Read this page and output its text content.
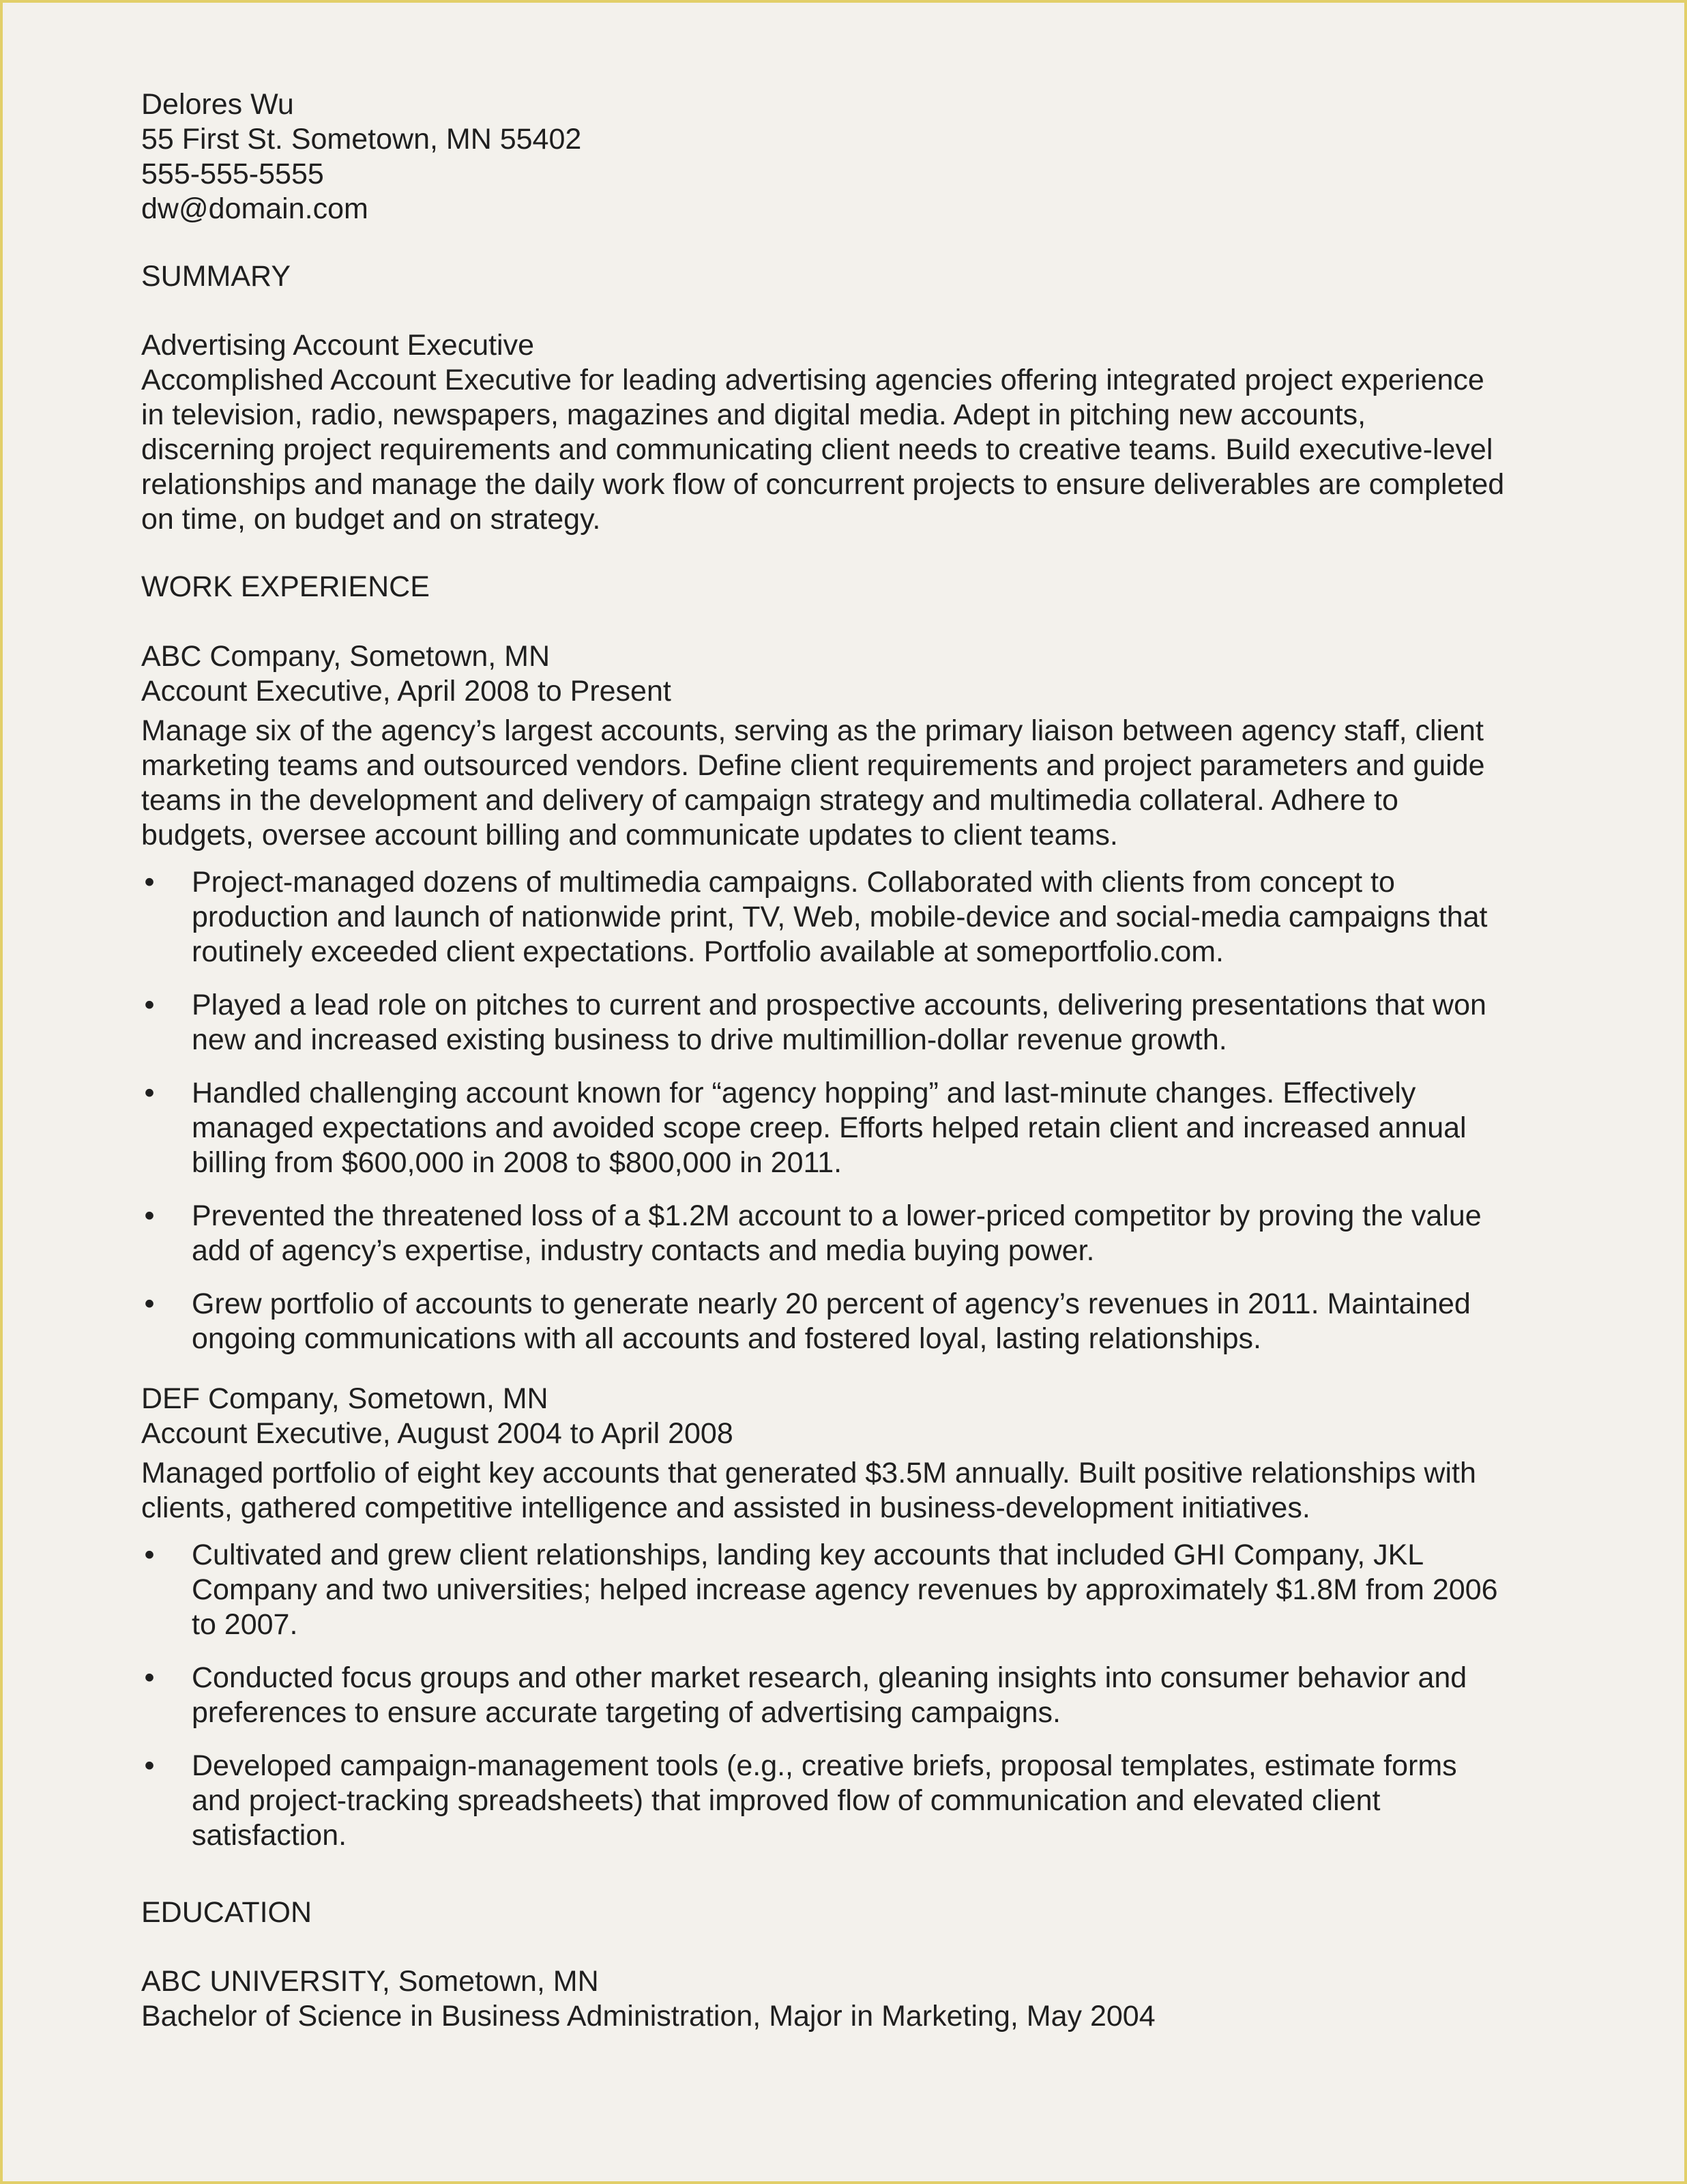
Delores Wu
55 First St. Sometown, MN 55402
555-555-5555
dw@domain.com
SUMMARY
Advertising Account Executive
Accomplished Account Executive for leading advertising agencies offering integrated project experience
in television, radio, newspapers, magazines and digital media. Adept in pitching new accounts,
discerning project requirements and communicating client needs to creative teams. Build executive-level
relationships and manage the daily work flow of concurrent projects to ensure deliverables are completed
on time, on budget and on strategy.
WORK EXPERIENCE
ABC Company, Sometown, MN
Account Executive, April 2008 to Present
Manage six of the agency’s largest accounts, serving as the primary liaison between agency staff, client
marketing teams and outsourced vendors. Define client requirements and project parameters and guide
teams in the development and delivery of campaign strategy and multimedia collateral. Adhere to
budgets, oversee account billing and communicate updates to client teams.
• Project-managed dozens of multimedia campaigns. Collaborated with clients from concept to
production and launch of nationwide print, TV, Web, mobile-device and social-media campaigns that
routinely exceeded client expectations. Portfolio available at someportfolio.com.
• Played a lead role on pitches to current and prospective accounts, delivering presentations that won
new and increased existing business to drive multimillion-dollar revenue growth.
• Handled challenging account known for “agency hopping” and last-minute changes. Effectively
managed expectations and avoided scope creep. Efforts helped retain client and increased annual
billing from $600,000 in 2008 to $800,000 in 2011.
• Prevented the threatened loss of a $1.2M account to a lower-priced competitor by proving the value
add of agency’s expertise, industry contacts and media buying power.
• Grew portfolio of accounts to generate nearly 20 percent of agency’s revenues in 2011. Maintained
ongoing communications with all accounts and fostered loyal, lasting relationships.
DEF Company, Sometown, MN
Account Executive, August 2004 to April 2008
Managed portfolio of eight key accounts that generated $3.5M annually. Built positive relationships with
clients, gathered competitive intelligence and assisted in business-development initiatives.
• Cultivated and grew client relationships, landing key accounts that included GHI Company, JKL
Company and two universities; helped increase agency revenues by approximately $1.8M from 2006
to 2007.
• Conducted focus groups and other market research, gleaning insights into consumer behavior and
preferences to ensure accurate targeting of advertising campaigns.
• Developed campaign-management tools (e.g., creative briefs, proposal templates, estimate forms
and project-tracking spreadsheets) that improved flow of communication and elevated client
satisfaction.
EDUCATION
ABC UNIVERSITY, Sometown, MN
Bachelor of Science in Business Administration, Major in Marketing, May 2004
